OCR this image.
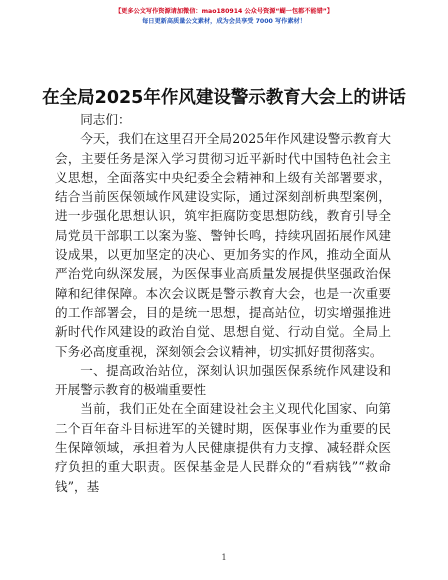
【更多公文写作资源请加微信：mao180914 公众号资源“蝴一包都不能错”】
每日更新高质量公文素材，成为会员享受 7000 写作素材！
在全局2025年作风建设警示教育大会上的讲话

同志们：

今天，我们在这里召开全局2025年作风建设警示教育大会，主要任务是深入学习贯彻习近平新时代中国特色社会主义思想，全面落实中央纪委全会精神和上级有关部署要求，结合当前医保领域作风建设实际，通过深刻剖析典型案例，进一步强化思想认识，筑牢拒腐防变思想防线，教育引导全局党员干部职工以案为鉴、警钟长鸣，持续巩固拓展作风建设成果，以更加坚定的决心、更加务实的作风，推动全面从严治党向纵深发展，为医保事业高质量发展提供坚强政治保障和纪律保障。本次会议既是警示教育大会，也是一次重要的工作部署会，目的是统一思想，提高站位，切实增强推进新时代作风建设的政治自觉、思想自觉、行动自觉。全局上下务必高度重视，深刻领会会议精神，切实抓好贯彻落实。

一、提高政治站位，深刻认识加强医保系统作风建设和开展警示教育的极端重要性

当前，我们正处在全面建设社会主义现代化国家、向第二个百年奋斗目标进军的关键时期，医保事业作为重要的民生保障领域，承担着为人民健康提供有力支撑、减轻群众医疗负担的重大职责。医保基金是人民群众的“看病钱”“救命钱”，基

1
